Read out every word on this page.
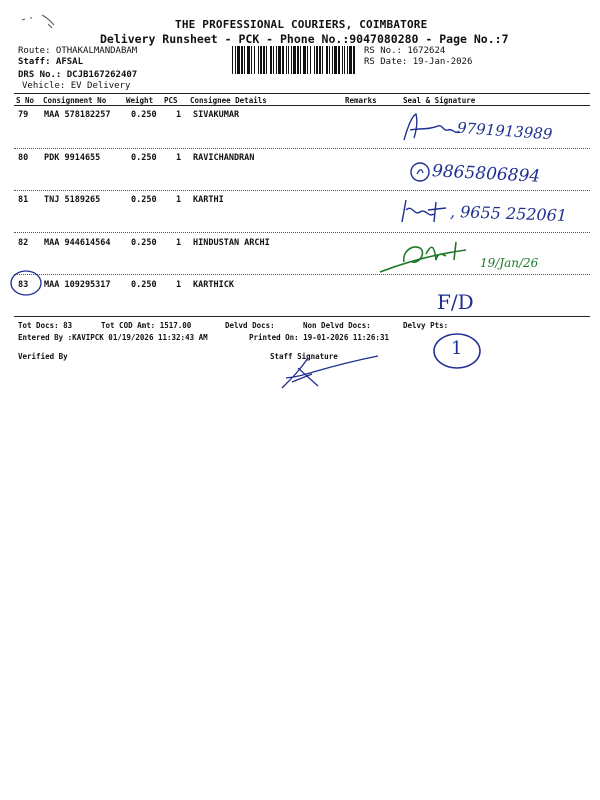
THE PROFESSIONAL COURIERS, COIMBATORE
Delivery Runsheet - PCK - Phone No.:9047080280 - Page No.:7
Route: OTHAKALMANDABAM
Staff: AFSAL
DRS No.: DCJB167262407
Vehicle: EV Delivery
RS No.: 1672624
RS Date: 19-Jan-2026
S No Consignment No	Weight PCS Consignee Details	Remarks	Seal & Signature
79 MAA 578182257 0.250 1 SIVAKUMAR
80 PDK 9914655	0.250 1 RAVICHANDRAN
81 TNJ 5189265	0.250 1 KARTHI
82 MAA 944614564 0.250 1 HINDUSTAN ARCHI
83 MAA 109295317 0.250 1 KARTHICK
9791913989
9865806894
, 9655 252061
19/Jan/26
F/D
Tot Docs: 83	Tot COD Amt: 1517.00	Delvd Docs:	Non Delvd Docs:	Delvy Pts:
Entered By :KAVIPCK 01/19/2026 11:32:43 AM	Printed On: 19-01-2026 11:26:31
1
Verified By	Staff Signature
